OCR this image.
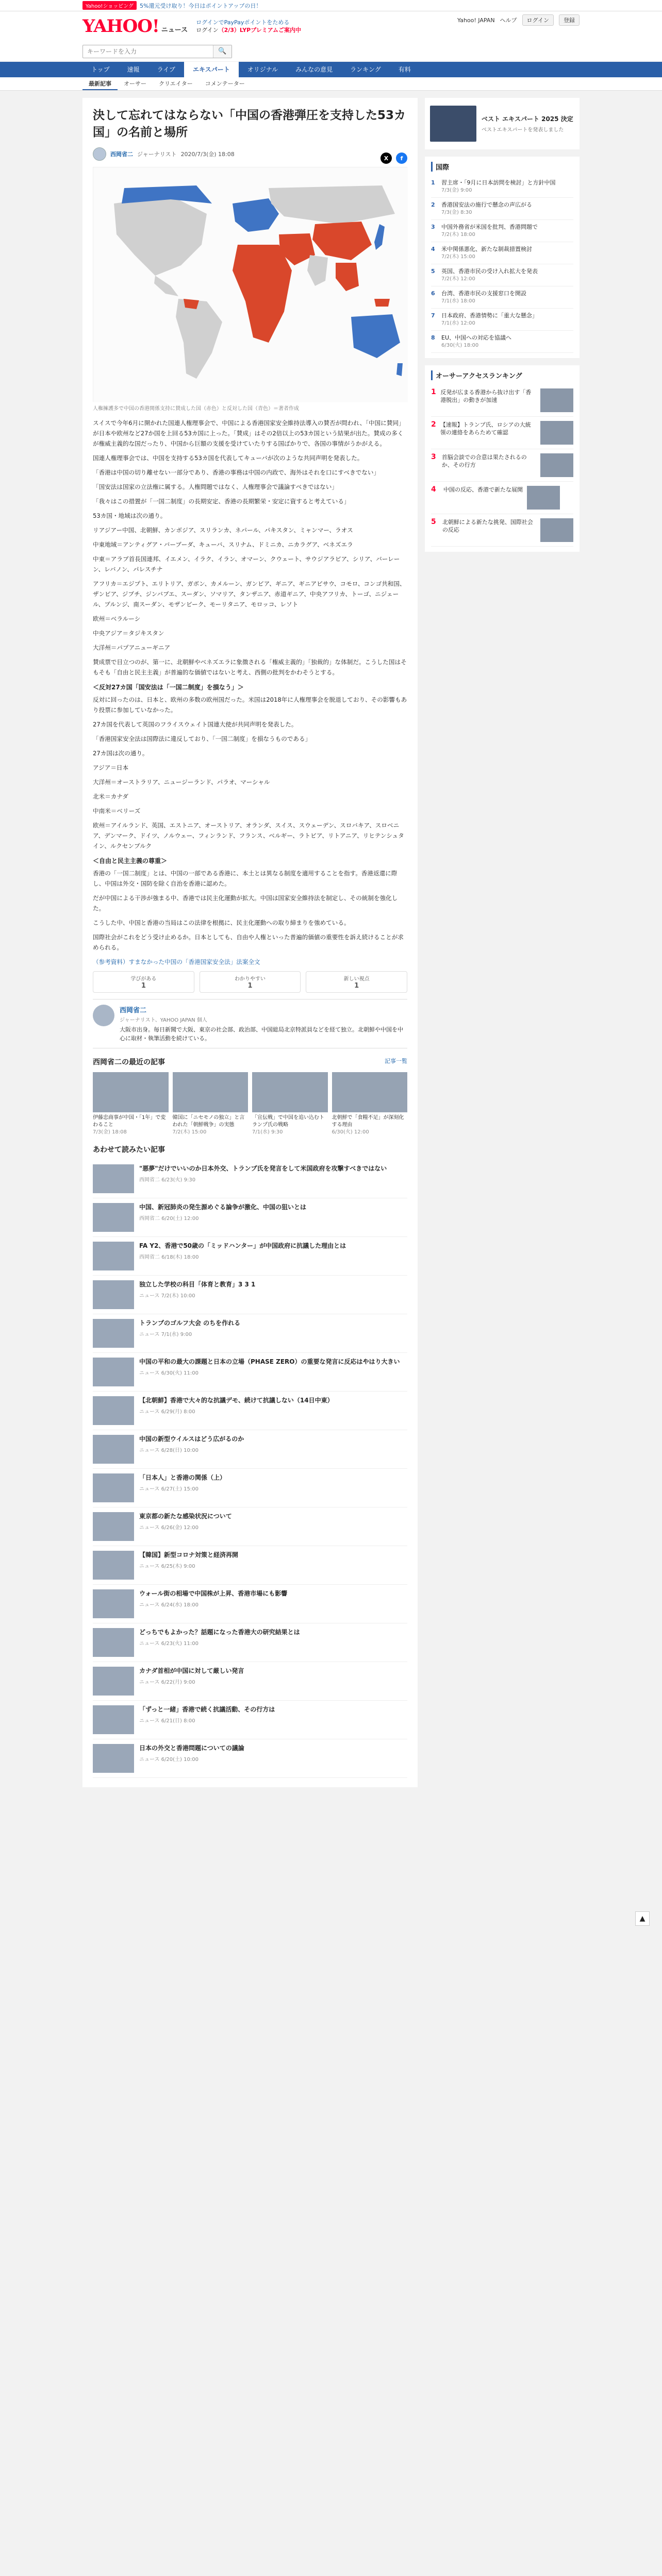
Yahoo!ショッピング	5%還元受け取り！今日はポイントアップの日！
YAHOO! ニュース
ログインでPayPayポイントをためる
ログイン（2/3）LYPプレミアムご案内中
Yahoo! JAPAN ヘルプ	ログイン	登録
キーワードを入力
🔍
トップ	速報	ライブ	エキスパート	オリジナル	みんなの意見	ランキング	有料
最新記事	オーサー	クリエイター	コメンテーター
決して忘れてはならない「中国の香港弾圧を支持した53カ国」の名前と場所
西岡省二 ジャーナリスト 2020/7/3(金) 18:08
X	f

人権擁護多で中国の香港関係支持に賛成した国（赤色）と反対した国（青色）＝著者作成

スイスで今年6月に開かれた国連人権理事会で、中国による香港国家安全維持法導入の賛否が問われ、「中国に賛同」が日本や欧州など27か国を上回る53カ国に上った。「賛成」はその2倍以上の53カ国という結果が出た。賛成の多くが権威主義的な国だったり、中国から巨額の支援を受けていたりする国ばかりで、各国の事情がうかがえる。

国連人権理事会では、中国を支持する53カ国を代表してキューバが次のような共同声明を発表した。

「香港は中国の切り離せない一部分であり、香港の事務は中国の内政で、海外はそれを口にすべきでない」

「国安法は国家の立法権に属する。人権問題ではなく、人権理事会で議論すべきではない」

「我々はこの措置が「一国二制度」の長期安定、香港の長期繁栄・安定に資すると考えている」

53カ国・地域は次の通り。

リアジアー中国、北朝鮮、カンボジア、スリランカ、ネパール、パキスタン、ミャンマー、ラオス

中東地域＝アンティグア・バーブーダ、キューバ、スリナム、ドミニカ、ニカラグア、ベネズエラ

中東＝アラブ首長国連邦、イエメン、イラク、イラン、オマーン、クウェート、サウジアラビア、シリア、バーレーン、レバノン、パレスチナ

アフリカ＝エジプト、エリトリア、ガボン、カメルーン、ガンビア、ギニア、ギニアビサウ、コモロ、コンゴ共和国、ザンビア、ジブチ、ジンバブエ、スーダン、ソマリア、タンザニア、赤道ギニア、中央アフリカ、トーゴ、ニジェール、ブルンジ、南スーダン、モザンビーク、モーリタニア、モロッコ、レソト

欧州＝ベラルーシ

中央アジア＝タジキスタン

大洋州＝パプアニューギニア

賛成票で目立つのが、第一に、北朝鮮やベネズエラに象徴される「権威主義的」「独裁的」な体制だ。こうした国はそもそも「自由と民主主義」が普遍的な価値ではないと考え、西側の批判をかわそうとする。

＜反対27カ国「国安法は「一国二制度」を損なう」＞

反対に回ったのは、日本と、欧州の多数の欧州国だった。米国は2018年に人権理事会を脱退しており、その影響もあり投票に参加していなかった。

27カ国を代表して英国のフライスウェイト国連大使が共同声明を発表した。

「香港国家安全法は国際法に違反しており、「一国二制度」を損なうものである」

27カ国は次の通り。

アジア＝日本

大洋州＝オーストラリア、ニュージーランド、パラオ、マーシャル

北米＝カナダ

中南米＝ベリーズ

欧州＝アイルランド、英国、エストニア、オーストリア、オランダ、スイス、スウェーデン、スロバキア、スロベニア、デンマーク、ドイツ、ノルウェー、フィンランド、フランス、ベルギー、ラトビア、リトアニア、リヒテンシュタイン、ルクセンブルク

＜自由と民主主義の尊重＞

香港の「一国二制度」とは、中国の一部である香港に、本土とは異なる制度を適用することを指す。香港返還に際し、中国は外交・国防を除く自治を香港に認めた。

だが中国による干渉が強まる中、香港では民主化運動が拡大。中国は国家安全維持法を制定し、その統制を強化した。

こうした中、中国と香港の当局はこの法律を根拠に、民主化運動への取り締まりを強めている。

国際社会がこれをどう受け止めるか。日本としても、自由や人権といった普遍的価値の重要性を訴え続けることが求められる。

（参考資料）すまなかった中国の「香港国家安全法」法案全文

学びがある
1
わかりやすい
1
新しい視点
1
西岡省二
ジャーナリスト、YAHOO JAPAN 個人
大阪市出身。毎日新聞で大阪、東京の社会部、政治部、中国総局北京特派員などを経て独立。北朝鮮や中国を中心に取材・執筆活動を続けている。
西岡省二の最近の記事	記事一覧
伊藤忠商事が中国・「1年」で変わること
7/3(金) 18:08
韓国に「ニセモノの独立」と言われた「朝鮮戦争」の実態
7/2(木) 15:00
「宣伝戦」で中国を追い込むトランプ氏の戦略
7/1(水) 9:30
北朝鮮で「食糧不足」が深刻化する理由
6/30(火) 12:00
あわせて読みたい記事
"悪夢"だけでいいのか日本外交、トランプ氏を発言をして米国政府を攻撃すべきではない
西岡省二 6/23(火) 9:30
中国、新冠肺炎の発生源めぐる論争が激化、中国の狙いとは
西岡省二 6/20(土) 12:00
FA Y2、香港で50歳の「ミッドハンター」が中国政府に抗議した理由とは
西岡省二 6/18(木) 18:00
独立した学校の科目「体育と教育」3 3 1
ニュース 7/2(木) 10:00
トランプのゴルフ大会 のちを作れる
ニュース 7/1(水) 9:00
中国の平和の最大の課題と日本の立場（PHASE ZERO）の重要な発言に反応はやはり大きい
ニュース 6/30(火) 11:00
【北朝鮮】香港で大々的な抗議デモ、続けて抗議しない（14日中東）
ニュース 6/29(月) 8:00
中国の新型ウイルスはどう広がるのか
ニュース 6/28(日) 10:00
「日本人」と香港の関係（上）
ニュース 6/27(土) 15:00
東京都の新たな感染状況について
ニュース 6/26(金) 12:00
【韓国】新型コロナ対策と経済再開
ニュース 6/25(木) 9:00
ウォール街の相場で中国株が上昇、香港市場にも影響
ニュース 6/24(水) 18:00
どっちでもよかった？話題になった香港大の研究結果とは
ニュース 6/23(火) 11:00
カナダ首相が中国に対して厳しい発言
ニュース 6/22(月) 9:00
「ずっと一緒」香港で続く抗議活動、その行方は
ニュース 6/21(日) 8:00
日本の外交と香港問題についての議論
ニュース 6/20(土) 10:00
ベスト エキスパート 2025 決定
ベストエキスパートを発表しました
国際
1	習主席・「9月に日本訪問を検討」と方針中国
7/3(金) 9:00
2	香港国安法の施行で懸念の声広がる
7/3(金) 8:30
3	中国外務省が米国を批判、香港問題で
7/2(木) 18:00
4	米中関係悪化、新たな制裁措置検討
7/2(木) 15:00
5	英国、香港市民の受け入れ拡大を発表
7/2(木) 12:00
6	台湾、香港市民の支援窓口を開設
7/1(水) 18:00
7	日本政府、香港情勢に「重大な懸念」
7/1(水) 12:00
8	EU、中国への対応を協議へ
6/30(火) 18:00
オーサーアクセスランキング
1 反発が広まる香港から抜け出す「香港脱出」の動きが加速
2 【速報】トランプ氏、ロシアの大統領の連絡をあらためて確認
3 首脳会談での合意は果たされるのか、その行方
4	中国の反応、香港で新たな展開
5	北朝鮮による新たな挑発、国際社会の反応
▲
